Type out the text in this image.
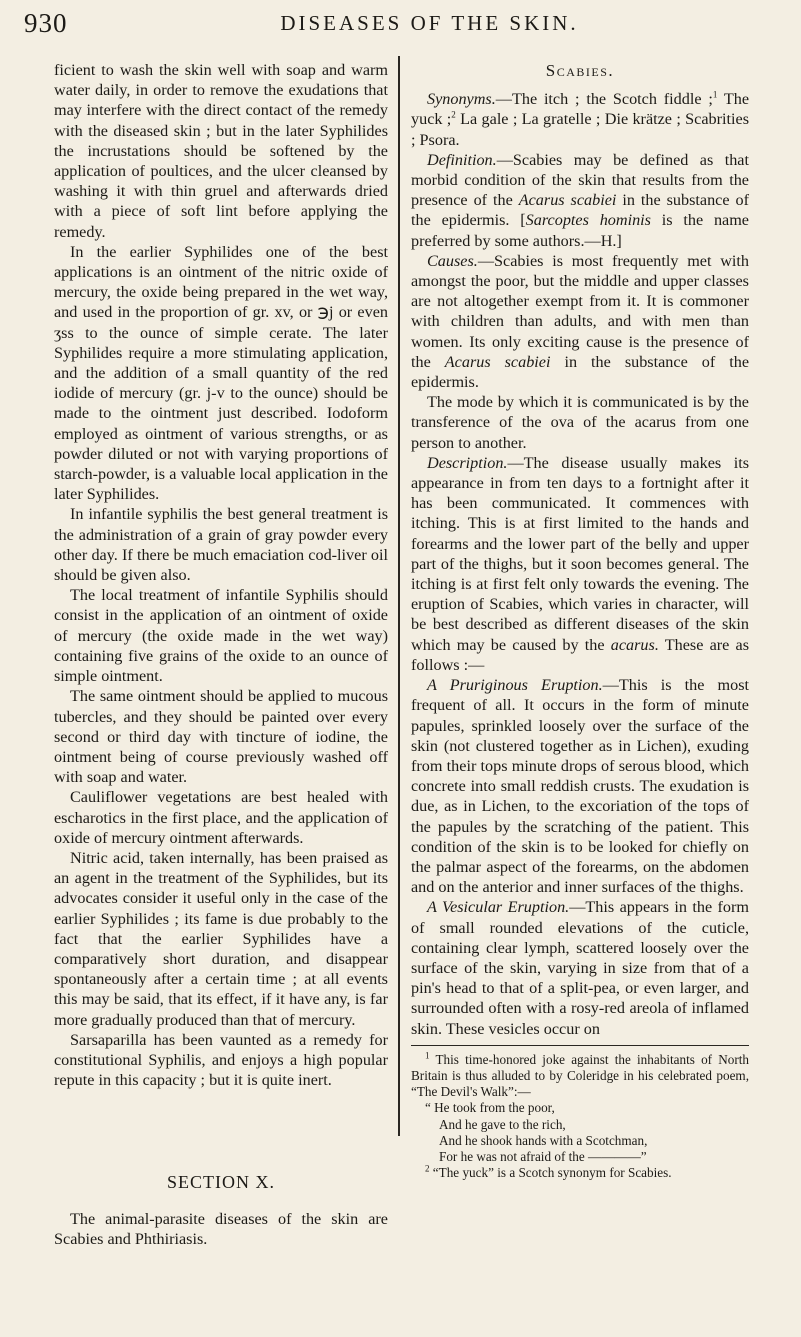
930	DISEASES OF THE SKIN.

ficient to wash the skin well with soap and warm water daily, in order to remove the exudations that may interfere with the direct contact of the remedy with the diseased skin ; but in the later Syphilides the incrustations should be softened by the application of poultices, and the ulcer cleansed by washing it with thin gruel and afterwards dried with a piece of soft lint before applying the remedy.

In the earlier Syphilides one of the best applications is an ointment of the nitric oxide of mercury, the oxide being prepared in the wet way, and used in the proportion of gr. xv, or ℈j or even ʒss to the ounce of simple cerate. The later Syphilides require a more stimulating application, and the addition of a small quantity of the red iodide of mercury (gr. j-v to the ounce) should be made to the ointment just described. Iodoform employed as ointment of various strengths, or as powder diluted or not with varying proportions of starch-powder, is a valuable local application in the later Syphilides.

In infantile syphilis the best general treatment is the administration of a grain of gray powder every other day. If there be much emaciation cod-liver oil should be given also.

The local treatment of infantile Syphilis should consist in the application of an ointment of oxide of mercury (the oxide made in the wet way) containing five grains of the oxide to an ounce of simple ointment.

The same ointment should be applied to mucous tubercles, and they should be painted over every second or third day with tincture of iodine, the ointment being of course previously washed off with soap and water.

Cauliflower vegetations are best healed with escharotics in the first place, and the application of oxide of mercury ointment afterwards.

Nitric acid, taken internally, has been praised as an agent in the treatment of the Syphilides, but its advocates consider it useful only in the case of the earlier Syphilides ; its fame is due probably to the fact that the earlier Syphilides have a comparatively short duration, and disappear spontaneously after a certain time ; at all events this may be said, that its effect, if it have any, is far more gradually produced than that of mercury.

Sarsaparilla has been vaunted as a remedy for constitutional Syphilis, and enjoys a high popular repute in this capacity ; but it is quite inert.

SECTION X.

The animal-parasite diseases of the skin are Scabies and Phthiriasis.

Scabies.

Synonyms.—The itch ; the Scotch fiddle ;$^1$ The yuck ;$^2$ La gale ; La gratelle ; Die krätze ; Scabrities ; Psora.

Definition.—Scabies may be defined as that morbid condition of the skin that results from the presence of the Acarus scabiei in the substance of the epidermis. [Sarcoptes hominis is the name preferred by some authors.—H.]

Causes.—Scabies is most frequently met with amongst the poor, but the middle and upper classes are not altogether exempt from it. It is commoner with children than adults, and with men than women. Its only exciting cause is the presence of the Acarus scabiei in the substance of the epidermis.

The mode by which it is communicated is by the transference of the ova of the acarus from one person to another.

Description.—The disease usually makes its appearance in from ten days to a fortnight after it has been communicated. It commences with itching. This is at first limited to the hands and forearms and the lower part of the belly and upper part of the thighs, but it soon becomes general. The itching is at first felt only towards the evening. The eruption of Scabies, which varies in character, will be best described as different diseases of the skin which may be caused by the acarus. These are as follows :—

A Pruriginous Eruption.—This is the most frequent of all. It occurs in the form of minute papules, sprinkled loosely over the surface of the skin (not clustered together as in Lichen), exuding from their tops minute drops of serous blood, which concrete into small reddish crusts. The exudation is due, as in Lichen, to the excoriation of the tops of the papules by the scratching of the patient. This condition of the skin is to be looked for chiefly on the palmar aspect of the forearms, on the abdomen and on the anterior and inner surfaces of the thighs.

A Vesicular Eruption.—This appears in the form of small rounded elevations of the cuticle, containing clear lymph, scattered loosely over the surface of the skin, varying in size from that of a pin's head to that of a split-pea, or even larger, and surrounded often with a rosy-red areola of inflamed skin. These vesicles occur on

$^1$ This time-honored joke against the inhabitants of North Britain is thus alluded to by Coleridge in his celebrated poem, “The Devil's Walk”:—

“ He took from the poor,
And he gave to the rich,
And he shook hands with a Scotchman,
For he was not afraid of the ————”

$^2$ “The yuck” is a Scotch synonym for Scabies.
